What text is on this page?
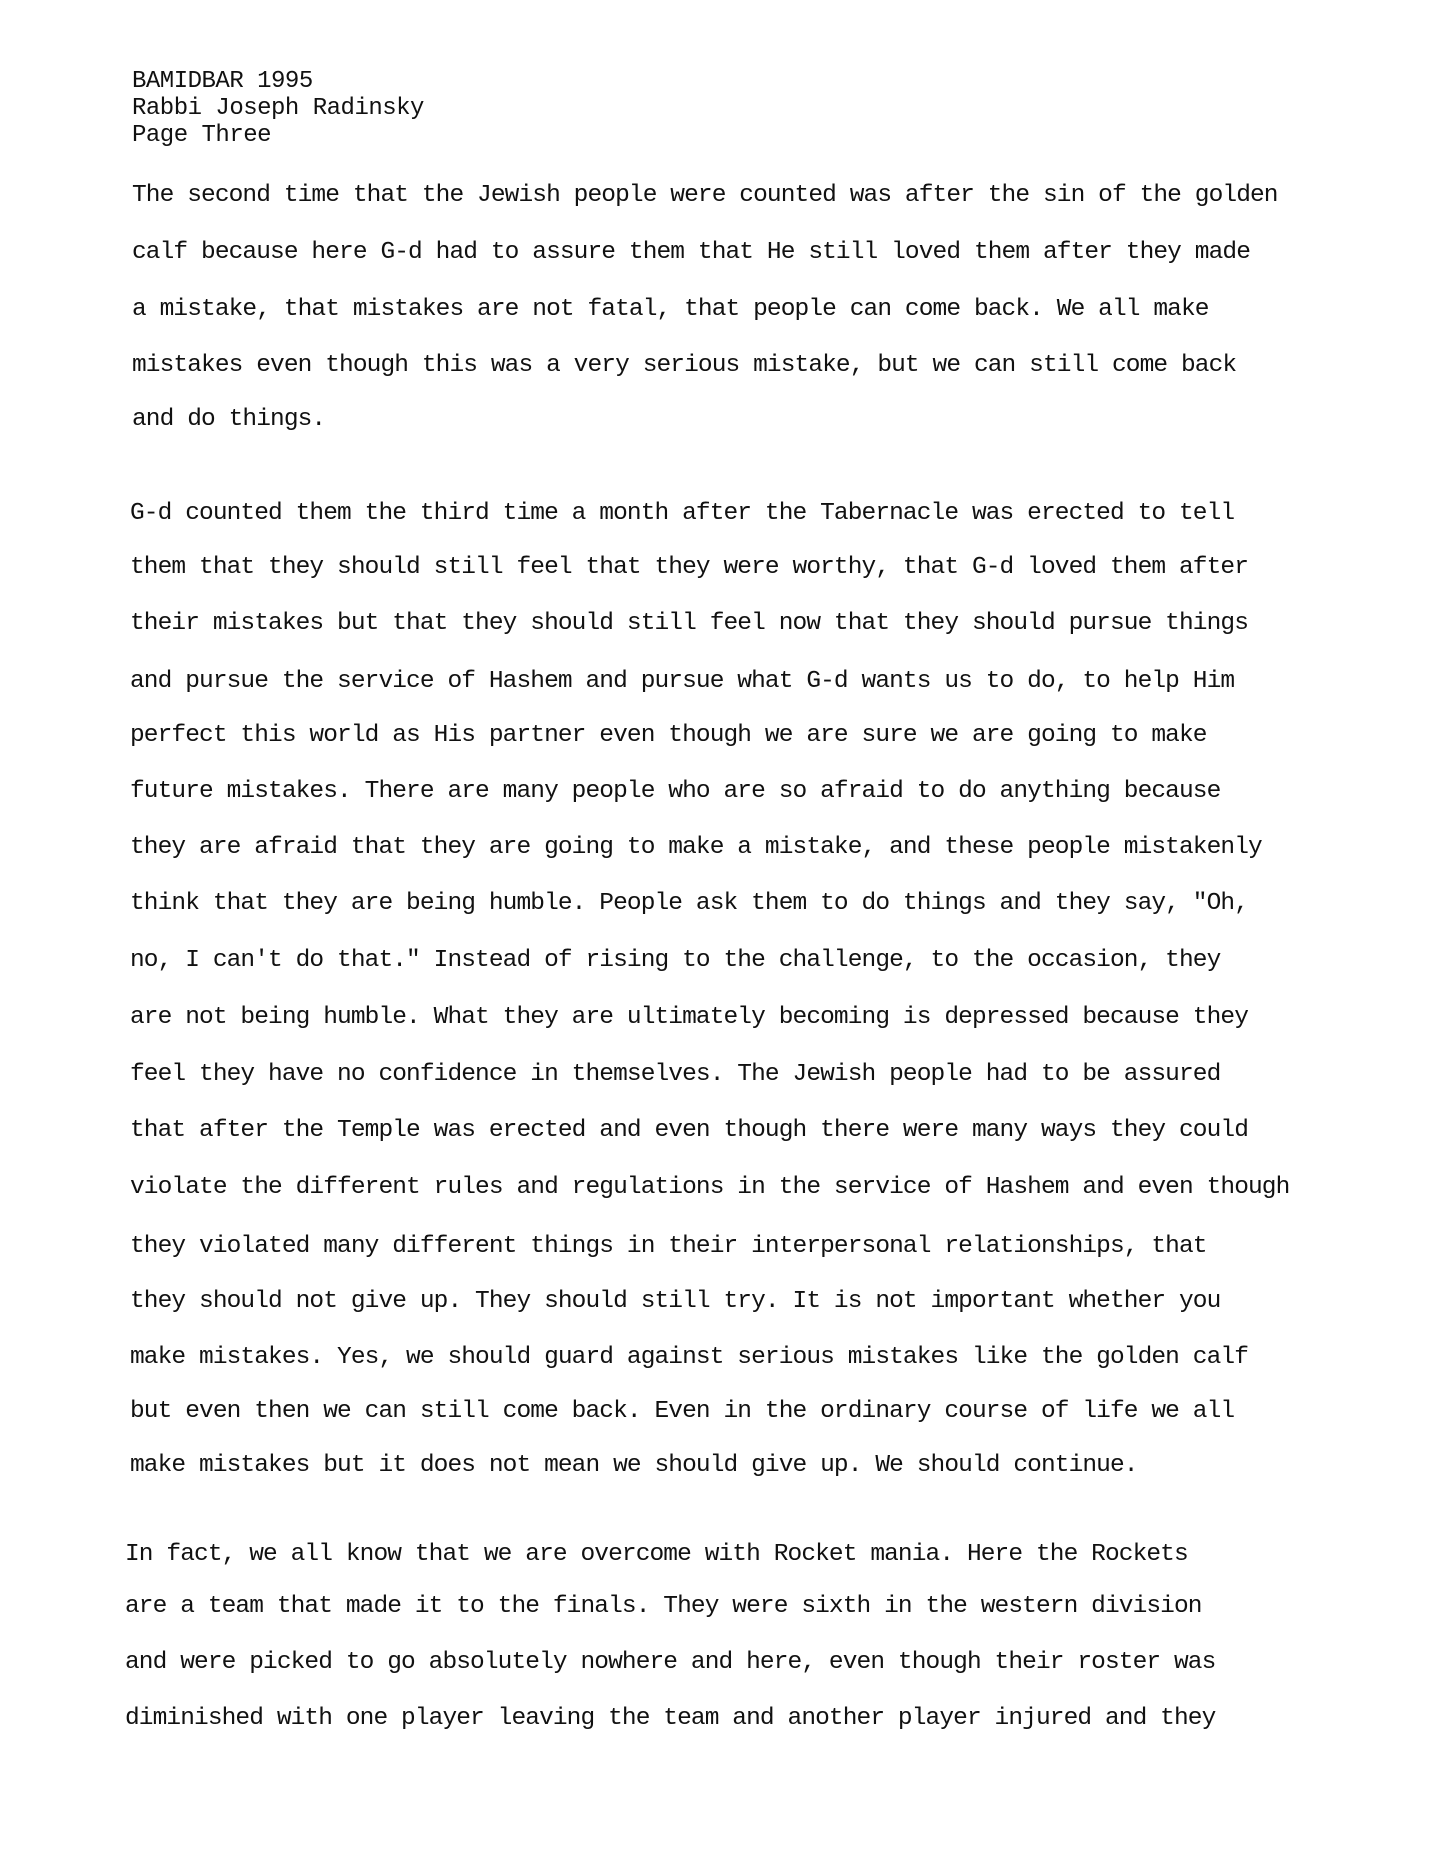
BAMIDBAR 1995
Rabbi Joseph Radinsky
Page Three
The second time that the Jewish people were counted was after the sin of the golden
calf because here G-d had to assure them that He still loved them after they made
a mistake, that mistakes are not fatal, that people can come back. We all make
mistakes even though this was a very serious mistake, but we can still come back
and do things.
G-d counted them the third time a month after the Tabernacle was erected to tell
them that they should still feel that they were worthy, that G-d loved them after
their mistakes but that they should still feel now that they should pursue things
and pursue the service of Hashem and pursue what G-d wants us to do, to help Him
perfect this world as His partner even though we are sure we are going to make
future mistakes. There are many people who are so afraid to do anything because
they are afraid that they are going to make a mistake, and these people mistakenly
think that they are being humble. People ask them to do things and they say, "Oh,
no, I can't do that." Instead of rising to the challenge, to the occasion, they
are not being humble. What they are ultimately becoming is depressed because they
feel they have no confidence in themselves. The Jewish people had to be assured
that after the Temple was erected and even though there were many ways they could
violate the different rules and regulations in the service of Hashem and even though
they violated many different things in their interpersonal relationships, that
they should not give up. They should still try. It is not important whether you
make mistakes. Yes, we should guard against serious mistakes like the golden calf
but even then we can still come back. Even in the ordinary course of life we all
make mistakes but it does not mean we should give up. We should continue.
In fact, we all know that we are overcome with Rocket mania. Here the Rockets
are a team that made it to the finals. They were sixth in the western division
and were picked to go absolutely nowhere and here, even though their roster was
diminished with one player leaving the team and another player injured and they
